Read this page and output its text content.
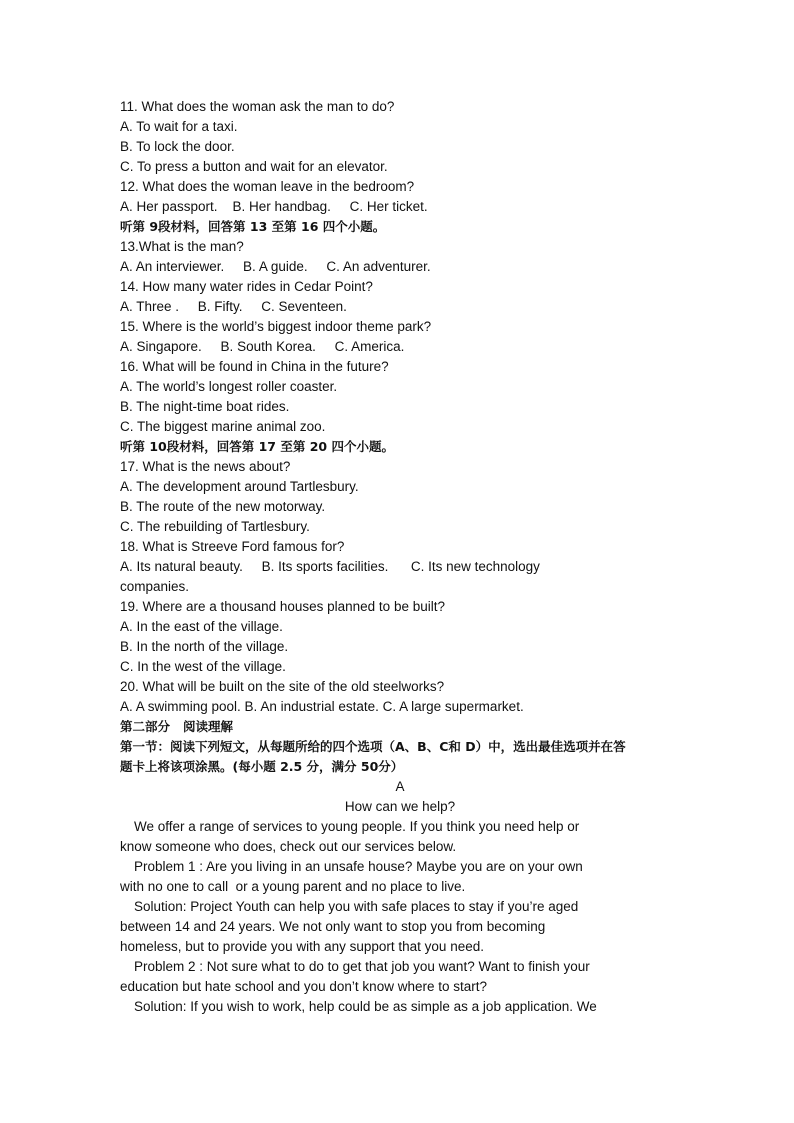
11. What does the woman ask the man to do?
A. To wait for a taxi.
B. To lock the door.
C. To press a button and wait for an elevator.
12. What does the woman leave in the bedroom?
A. Her passport.    B. Her handbag.     C. Her ticket.
听第 9段材料，回答第 13 至第 16 四个小题。
13.What is the man?
A. An interviewer.     B. A guide.     C. An adventurer.
14. How many water rides in Cedar Point?
A. Three .     B. Fifty.     C. Seventeen.
15. Where is the world’s biggest indoor theme park?
A. Singapore.     B. South Korea.     C. America.
16. What will be found in China in the future?
A. The world’s longest roller coaster.
B. The night-time boat rides.
C. The biggest marine animal zoo.
听第 10段材料，回答第 17 至第 20 四个小题。
17. What is the news about?
A. The development around Tartlesbury.
B. The route of the new motorway.
C. The rebuilding of Tartlesbury.
18. What is Streeve Ford famous for?
A. Its natural beauty.     B. Its sports facilities.      C. Its new technology
companies.
19. Where are a thousand houses planned to be built?
A. In the east of the village.
B. In the north of the village.
C. In the west of the village.
20. What will be built on the site of the old steelworks?
A. A swimming pool. B. An industrial estate. C. A large supermarket.
第二部分   阅读理解
第一节：阅读下列短文，从每题所给的四个选项（A、B、C和 D）中，选出最佳选项并在答
题卡上将该项涂黑。(每小题 2.5 分，满分 50分）
A
How can we help?
We offer a range of services to young people. If you think you need help or
know someone who does, check out our services below.
Problem 1 : Are you living in an unsafe house? Maybe you are on your own
with no one to call  or a young parent and no place to live.
Solution: Project Youth can help you with safe places to stay if you’re aged
between 14 and 24 years. We not only want to stop you from becoming
homeless, but to provide you with any support that you need.
Problem 2 : Not sure what to do to get that job you want? Want to finish your
education but hate school and you don’t know where to start?
Solution: If you wish to work, help could be as simple as a job application. We
